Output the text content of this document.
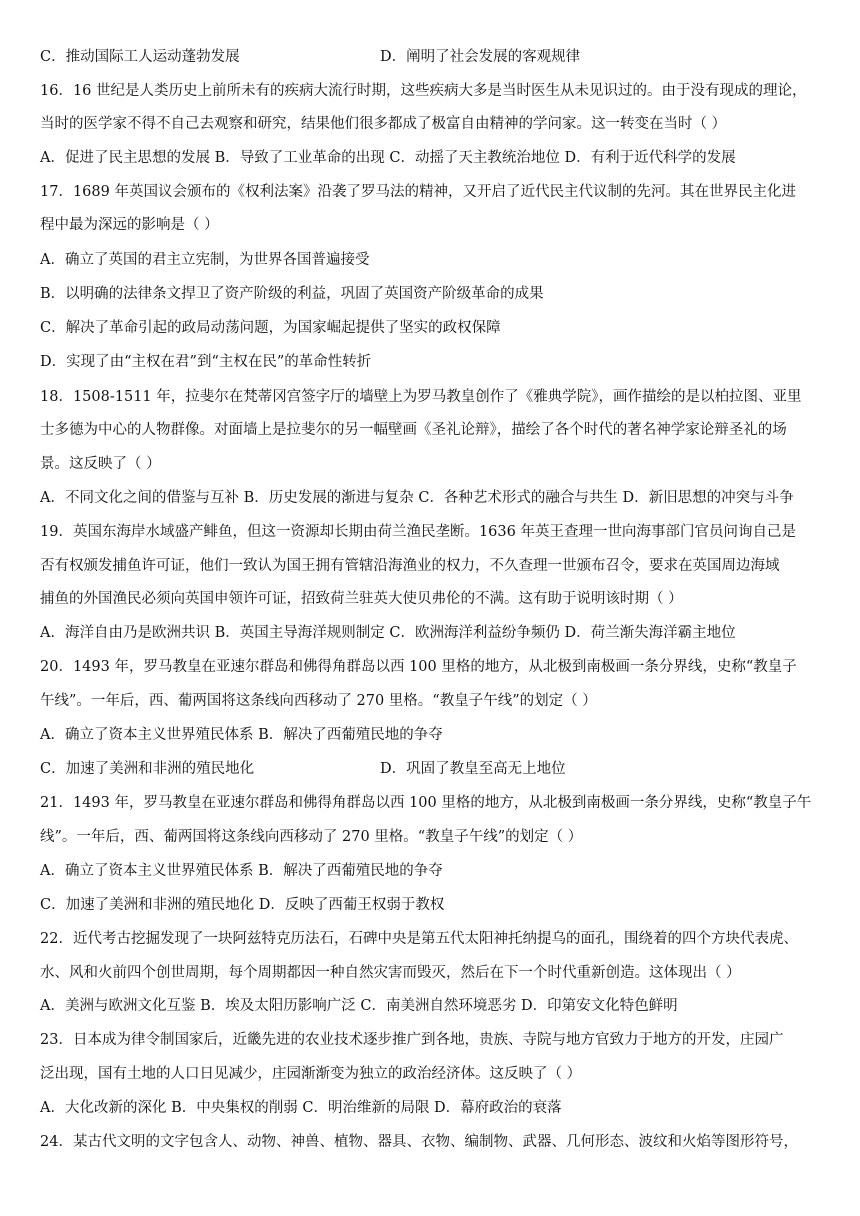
C．推动国际工人运动蓬勃发展	D．阐明了社会发展的客观规律
16．16 世纪是人类历史上前所未有的疾病大流行时期，这些疾病大多是当时医生从未见识过的。由于没有现成的理论，
当时的医学家不得不自己去观察和研究，结果他们很多都成了极富自由精神的学问家。这一转变在当时（ ）
A．促进了民主思想的发展 B．导致了工业革命的出现 C．动摇了天主教统治地位 D．有利于近代科学的发展
17．1689 年英国议会颁布的《权利法案》沿袭了罗马法的精神，又开启了近代民主代议制的先河。其在世界民主化进
程中最为深远的影响是（ ）
A．确立了英国的君主立宪制，为世界各国普遍接受
B．以明确的法律条文捍卫了资产阶级的利益，巩固了英国资产阶级革命的成果
C．解决了革命引起的政局动荡问题，为国家崛起提供了坚实的政权保障
D．实现了由“主权在君”到“主权在民”的革命性转折
18．1508-1511 年，拉斐尔在梵蒂冈宫签字厅的墙壁上为罗马教皇创作了《雅典学院》，画作描绘的是以柏拉图、亚里
士多德为中心的人物群像。对面墙上是拉斐尔的另一幅壁画《圣礼论辩》，描绘了各个时代的著名神学家论辩圣礼的场
景。这反映了（ ）
A．不同文化之间的借鉴与互补 B．历史发展的渐进与复杂 C．各种艺术形式的融合与共生 D．新旧思想的冲突与斗争
19．英国东海岸水域盛产鲱鱼，但这一资源却长期由荷兰渔民垄断。1636 年英王查理一世向海事部门官员问询自己是
否有权颁发捕鱼许可证，他们一致认为国王拥有管辖沿海渔业的权力，不久查理一世颁布召令，要求在英国周边海域
捕鱼的外国渔民必须向英国申领许可证，招致荷兰驻英大使贝弗伦的不满。这有助于说明该时期（ ）
A．海洋自由乃是欧洲共识 B．英国主导海洋规则制定 C．欧洲海洋利益纷争频仍 D．荷兰渐失海洋霸主地位
20．1493 年，罗马教皇在亚速尔群岛和佛得角群岛以西 100 里格的地方，从北极到南极画一条分界线，史称“教皇子
午线”。一年后，西、葡两国将这条线向西移动了 270 里格。“教皇子午线”的划定（ ）
A．确立了资本主义世界殖民体系 B．解决了西葡殖民地的争夺
C．加速了美洲和非洲的殖民地化	D．巩固了教皇至高无上地位
21．1493 年，罗马教皇在亚速尔群岛和佛得角群岛以西 100 里格的地方，从北极到南极画一条分界线，史称“教皇子午
线”。一年后，西、葡两国将这条线向西移动了 270 里格。“教皇子午线”的划定（ ）
A．确立了资本主义世界殖民体系 B．解决了西葡殖民地的争夺
C．加速了美洲和非洲的殖民地化 D．反映了西葡王权弱于教权
22．近代考古挖掘发现了一块阿兹特克历法石，石碑中央是第五代太阳神托纳提乌的面孔，围绕着的四个方块代表虎、
水、风和火前四个创世周期，每个周期都因一种自然灾害而毁灭，然后在下一个时代重新创造。这体现出（ ）
A．美洲与欧洲文化互鉴 B．埃及太阳历影响广泛 C．南美洲自然环境恶劣 D．印第安文化特色鲜明
23．日本成为律令制国家后，近畿先进的农业技术逐步推广到各地，贵族、寺院与地方官致力于地方的开发，庄园广
泛出现，国有土地的人口日见减少，庄园渐渐变为独立的政治经济体。这反映了（ ）
A．大化改新的深化 B．中央集权的削弱 C．明治维新的局限 D．幕府政治的衰落
24．某古代文明的文字包含人、动物、神兽、植物、器具、衣物、编制物、武器、几何形态、波纹和火焰等图形符号，
